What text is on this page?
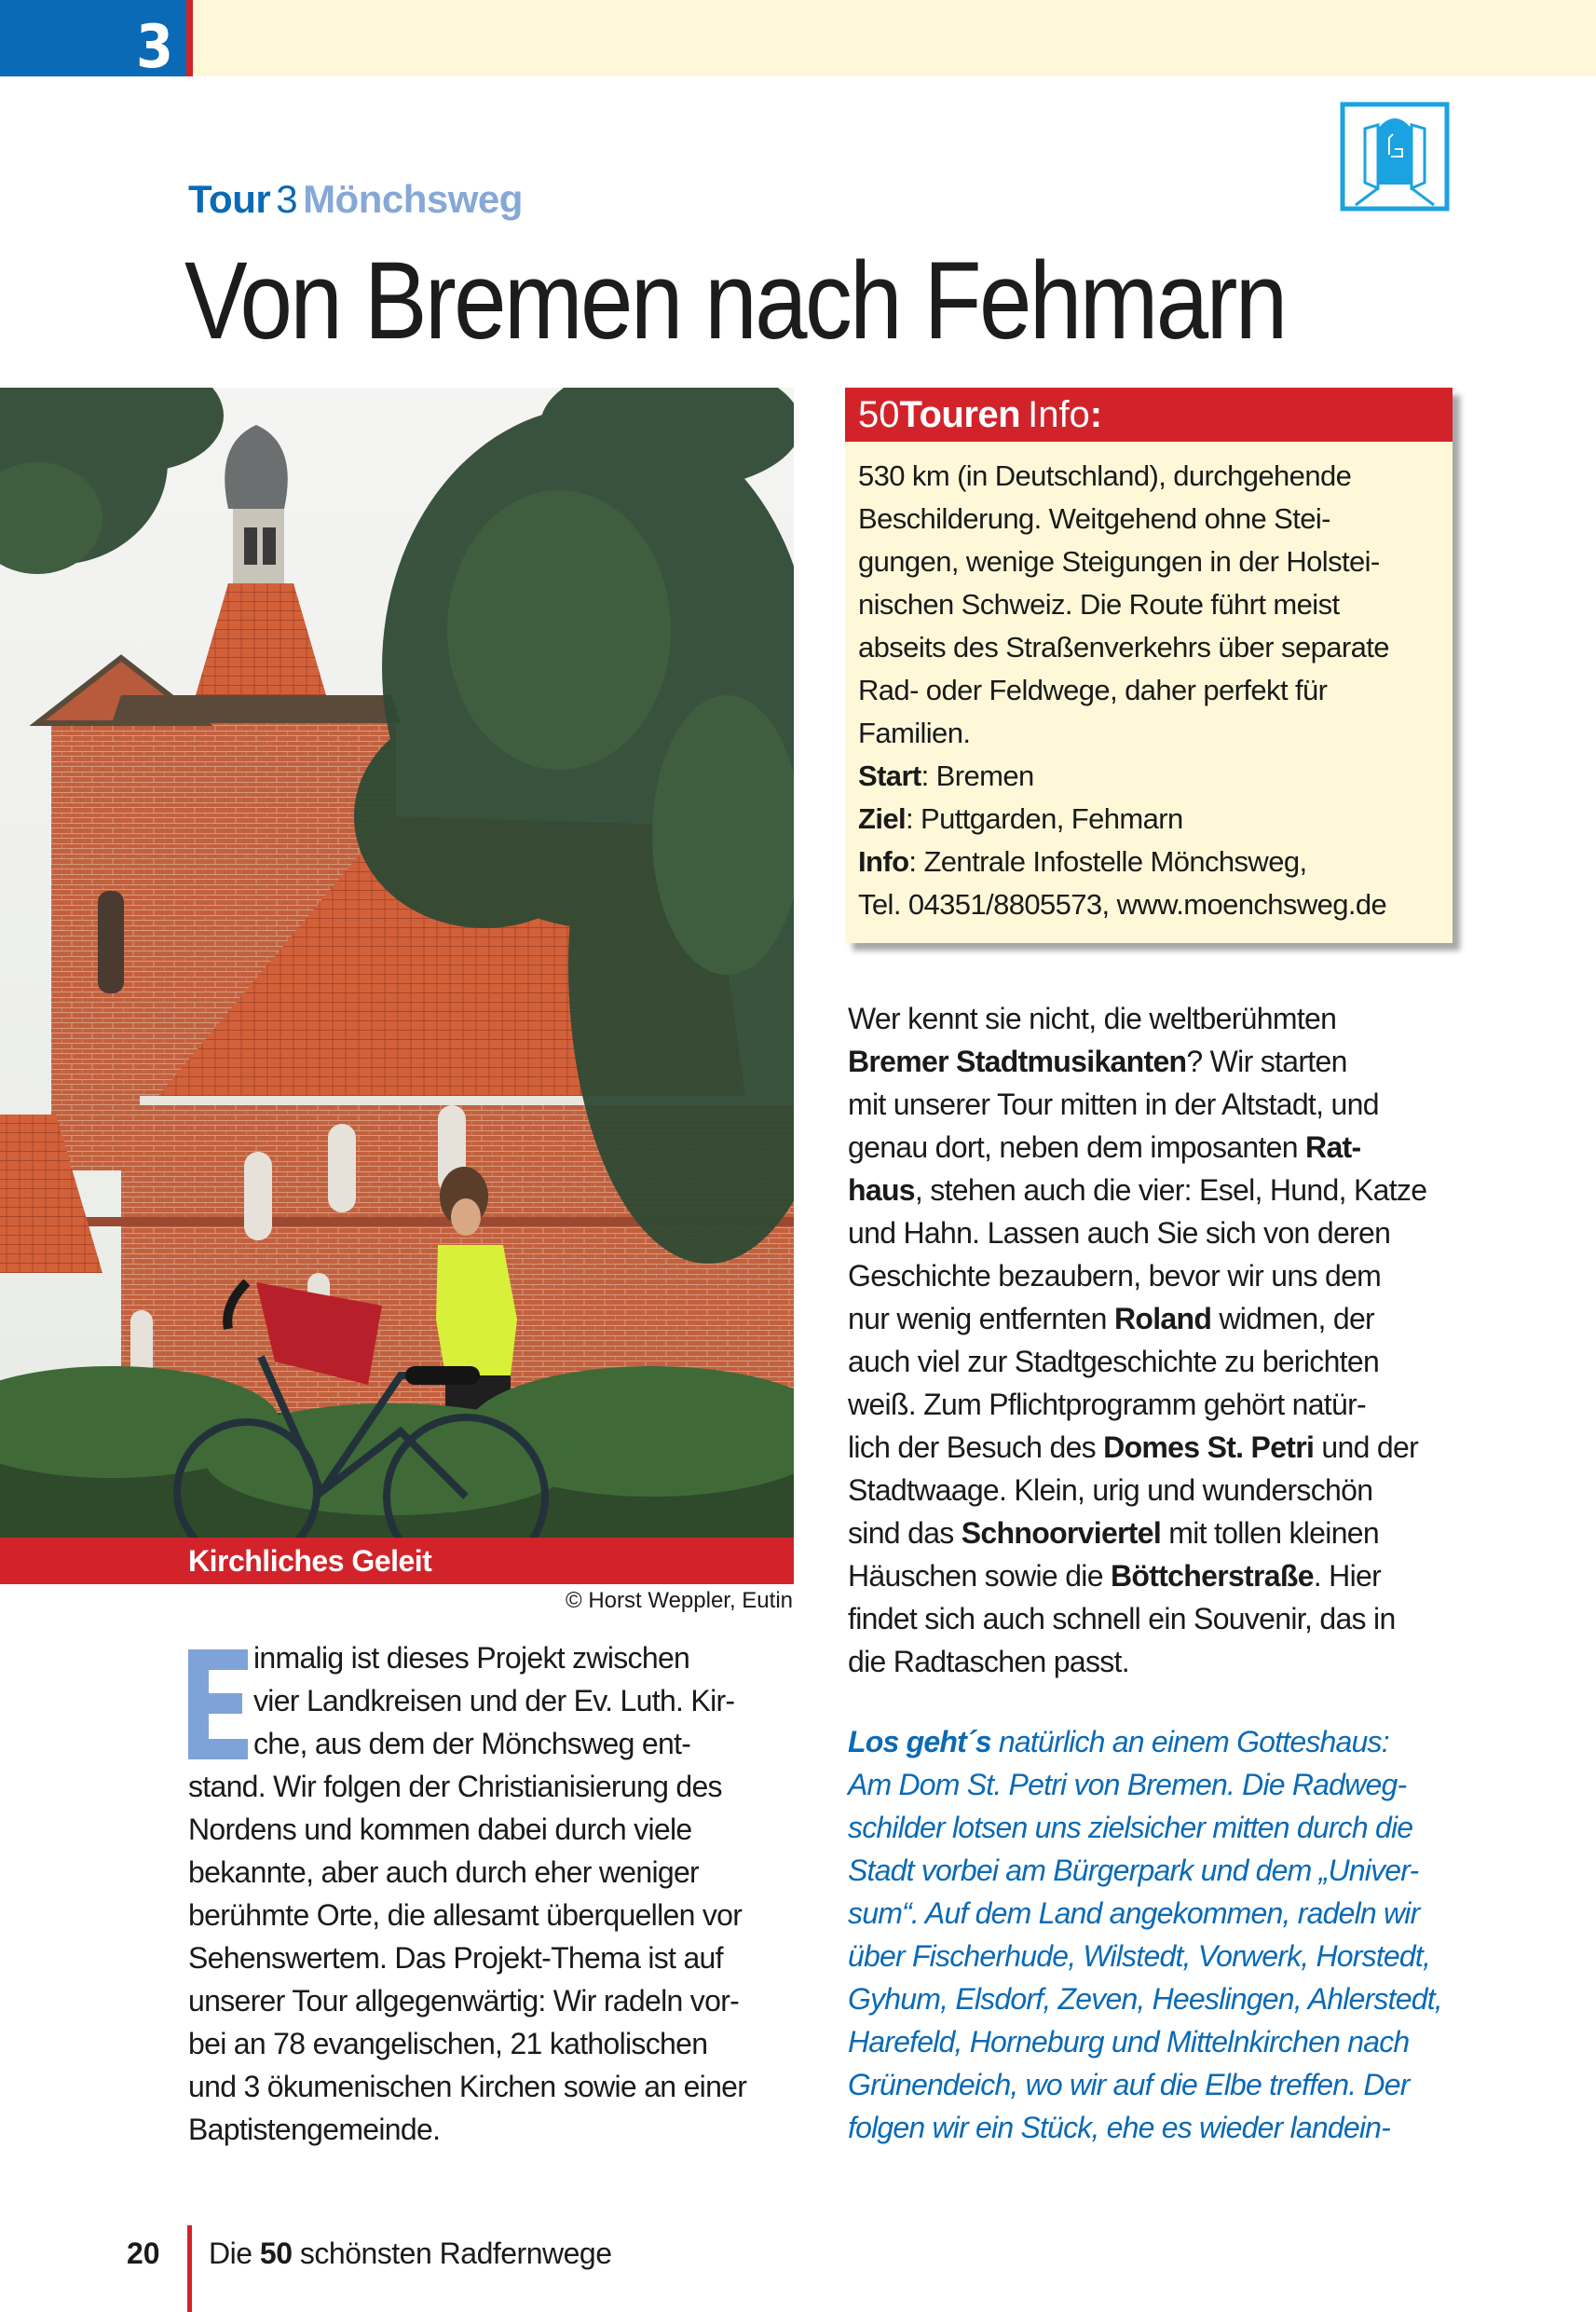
3
Tour 3 Mönchsweg
Von Bremen nach Fehmarn
Kirchliches Geleit
© Horst Weppler, Eutin
50Touren Info:
530 km (in Deutschland), durchgehende
Beschilderung. Weitgehend ohne Stei-
gungen, wenige Steigungen in der Holstei-
nischen Schweiz. Die Route führt meist
abseits des Straßenverkehrs über separate
Rad- oder Feldwege, daher perfekt für
Familien.
Start: Bremen
Ziel: Puttgarden, Fehmarn
Info: Zentrale Infostelle Mönchsweg,
Tel. 04351/8805573, www.moenchsweg.de
Wer kennt sie nicht, die weltberühmten
Bremer Stadtmusikanten? Wir starten
mit unserer Tour mitten in der Altstadt, und
genau dort, neben dem imposanten Rat-
haus, stehen auch die vier: Esel, Hund, Katze
und Hahn. Lassen auch Sie sich von deren
Geschichte bezaubern, bevor wir uns dem
nur wenig entfernten Roland widmen, der
auch viel zur Stadtgeschichte zu berichten
weiß. Zum Pflichtprogramm gehört natür-
lich der Besuch des Domes St. Petri und der
Stadtwaage. Klein, urig und wunderschön
sind das Schnoorviertel mit tollen kleinen
Häuschen sowie die Böttcherstraße. Hier
findet sich auch schnell ein Souvenir, das in
die Radtaschen passt.
Los geht´s natürlich an einem Gotteshaus:
Am Dom St. Petri von Bremen. Die Radweg-
schilder lotsen uns zielsicher mitten durch die
Stadt vorbei am Bürgerpark und dem „Univer-
sum“. Auf dem Land angekommen, radeln wir
über Fischerhude, Wilstedt, Vorwerk, Horstedt,
Gyhum, Elsdorf, Zeven, Heeslingen, Ahlerstedt,
Harefeld, Horneburg und Mittelnkirchen nach
Grünendeich, wo wir auf die Elbe treffen. Der
folgen wir ein Stück, ehe es wieder landein-
inmalig ist dieses Projekt zwischen
vier Landkreisen und der Ev. Luth. Kir-
che, aus dem der Mönchsweg ent-
stand. Wir folgen der Christianisierung des
Nordens und kommen dabei durch viele
bekannte, aber auch durch eher weniger
berühmte Orte, die allesamt überquellen vor
Sehenswertem. Das Projekt-Thema ist auf
unserer Tour allgegenwärtig: Wir radeln vor-
bei an 78 evangelischen, 21 katholischen
und 3 ökumenischen Kirchen sowie an einer
Baptistengemeinde.
20 Die 50 schönsten Radfernwege
